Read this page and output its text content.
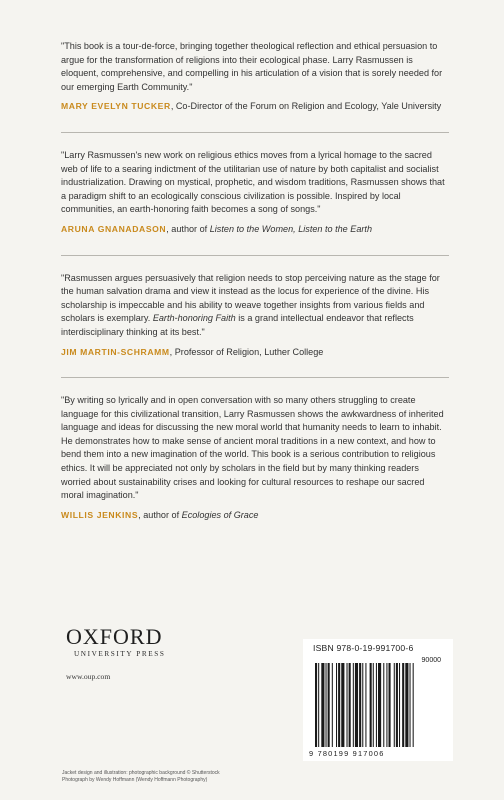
"This book is a tour-de-force, bringing together theological reflection and ethical persuasion to argue for the transformation of religions into their ecological phase. Larry Rasmussen is eloquent, comprehensive, and compelling in his articulation of a vision that is sorely needed for our emerging Earth Community."

MARY EVELYN TUCKER, Co-Director of the Forum on Religion and Ecology, Yale University

"Larry Rasmussen's new work on religious ethics moves from a lyrical homage to the sacred web of life to a searing indictment of the utilitarian use of nature by both capitalist and socialist industrialization. Drawing on mystical, prophetic, and wisdom traditions, Rasmussen shows that a paradigm shift to an ecologically conscious civilization is possible. Inspired by local communities, an earth-honoring faith becomes a song of songs."

ARUNA GNANADASON, author of Listen to the Women, Listen to the Earth

"Rasmussen argues persuasively that religion needs to stop perceiving nature as the stage for the human salvation drama and view it instead as the locus for experience of the divine. His scholarship is impeccable and his ability to weave together insights from various fields and scholars is exemplary. Earth-honoring Faith is a grand intellectual endeavor that reflects interdisciplinary thinking at its best."

JIM MARTIN-SCHRAMM, Professor of Religion, Luther College

"By writing so lyrically and in open conversation with so many others struggling to create language for this civilizational transition, Larry Rasmussen shows the awkwardness of inherited language and ideas for discussing the new moral world that humanity needs to learn to inhabit. He demonstrates how to make sense of ancient moral traditions in a new context, and how to bend them into a new imagination of the world. This book is a serious contribution to religious ethics. It will be appreciated not only by scholars in the field but by many thinking readers worried about sustainability crises and looking for cultural resources to reshape our sacred moral imagination."

WILLIS JENKINS, author of Ecologies of Grace
OXFORD
UNIVERSITY PRESS
www.oup.com
ISBN 978-0-19-991700-6
90000
9 780199 917006
Jacket design and illustration: photographic background © Shutterstock
Photograph by Wendy Hoffmann (Wendy Hoffmann Photography)
